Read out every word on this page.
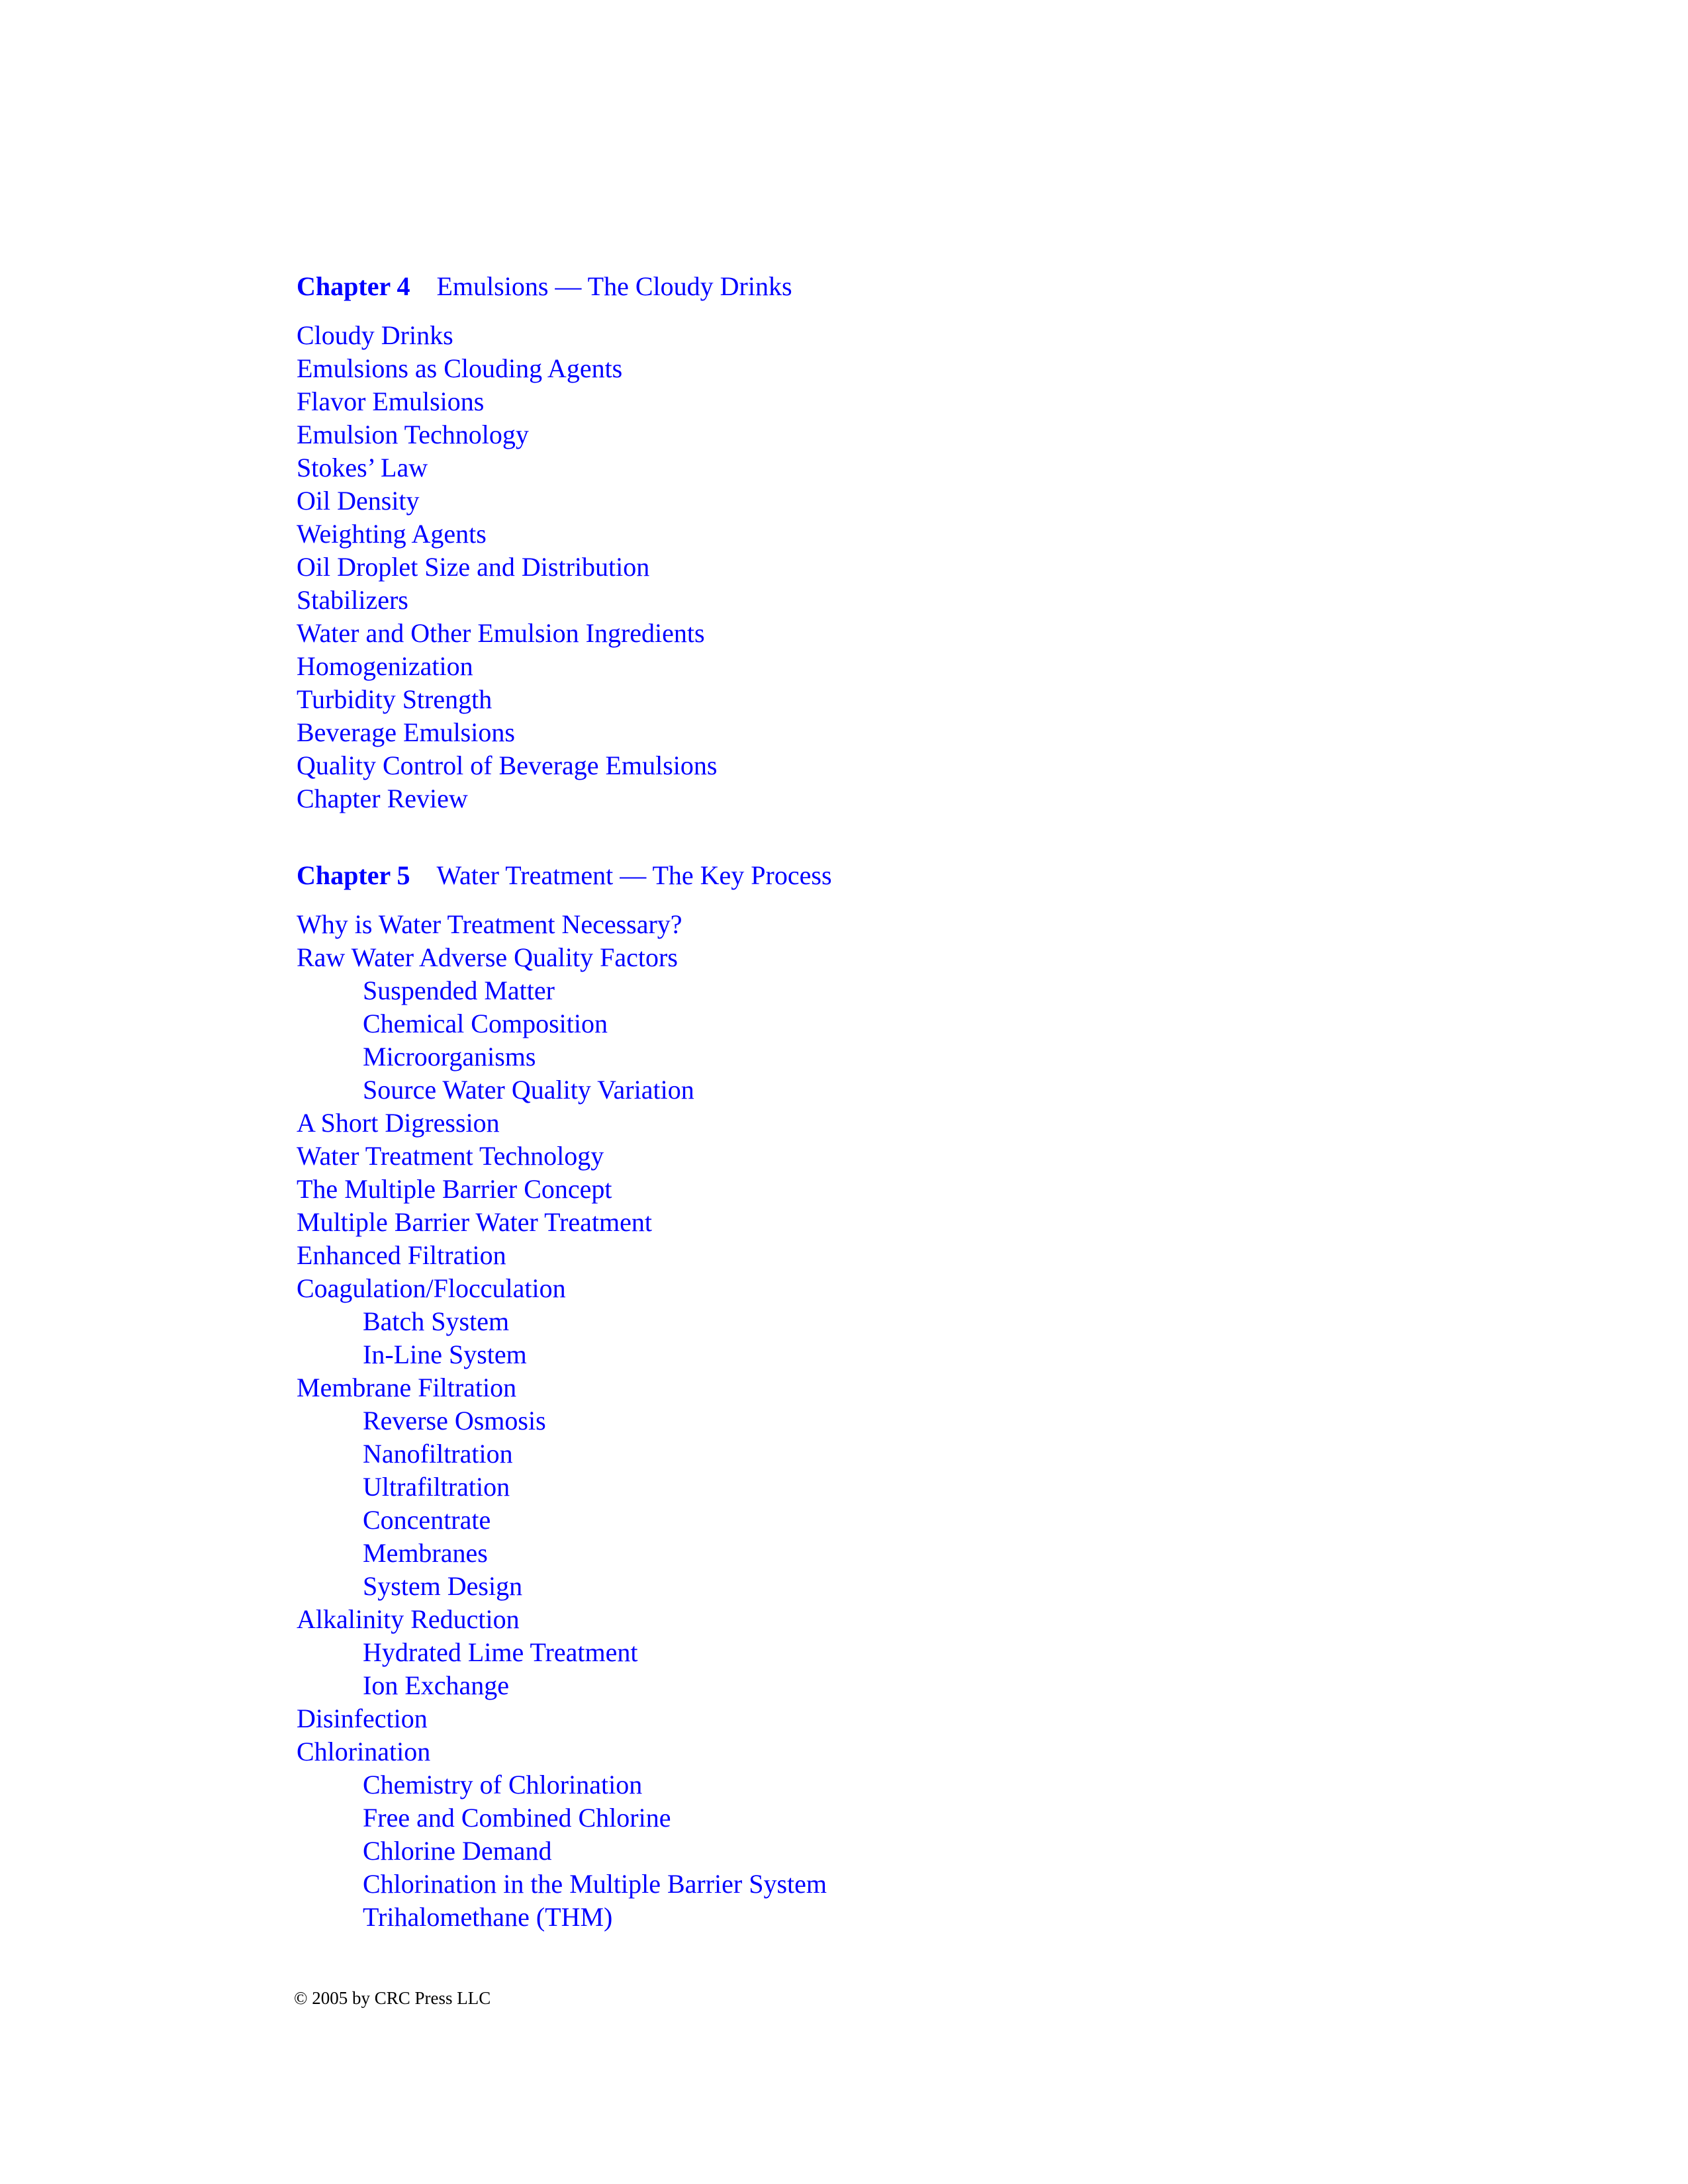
Chapter 4 Emulsions — The Cloudy Drinks
Cloudy Drinks
Emulsions as Clouding Agents
Flavor Emulsions
Emulsion Technology
Stokes’ Law
Oil Density
Weighting Agents
Oil Droplet Size and Distribution
Stabilizers
Water and Other Emulsion Ingredients
Homogenization
Turbidity Strength
Beverage Emulsions
Quality Control of Beverage Emulsions
Chapter Review
Chapter 5 Water Treatment — The Key Process
Why is Water Treatment Necessary?
Raw Water Adverse Quality Factors
Suspended Matter
Chemical Composition
Microorganisms
Source Water Quality Variation
A Short Digression
Water Treatment Technology
The Multiple Barrier Concept
Multiple Barrier Water Treatment
Enhanced Filtration
Coagulation/Flocculation
Batch System
In-Line System
Membrane Filtration
Reverse Osmosis
Nanofiltration
Ultrafiltration
Concentrate
Membranes
System Design
Alkalinity Reduction
Hydrated Lime Treatment
Ion Exchange
Disinfection
Chlorination
Chemistry of Chlorination
Free and Combined Chlorine
Chlorine Demand
Chlorination in the Multiple Barrier System
Trihalomethane (THM)
© 2005 by CRC Press LLC
